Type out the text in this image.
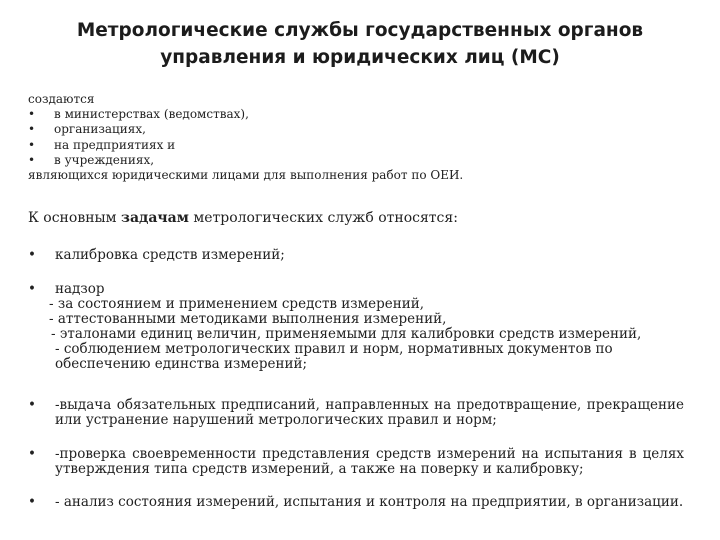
Метрологические службы государственных органов
управления и юридических лиц (МС)
создаются
•	в министерствах (ведомствах),
•	организациях,
•	на предприятиях и
•	в учреждениях,
являющихся юридическими лицами для выполнения работ по ОЕИ.
К основным задачам метрологических служб относятся:
•	калибровка средств измерений;
•	надзор
- за состоянием и применением средств измерений,
- аттестованными методиками выполнения измерений,
- эталонами единиц величин, применяемыми для калибровки средств измерений,
- соблюдением метрологических правил и норм, нормативных документов по
обеспечению единства измерений;
•	-выдача обязательных предписаний, направленных на предотвращение, прекращение или устранение нарушений метрологических правил и норм;
•	-проверка своевременности представления средств измерений на испытания в целях утверждения типа средств измерений, а также на поверку и калибровку;
•	- анализ состояния измерений, испытания и контроля на предприятии, в организации.
